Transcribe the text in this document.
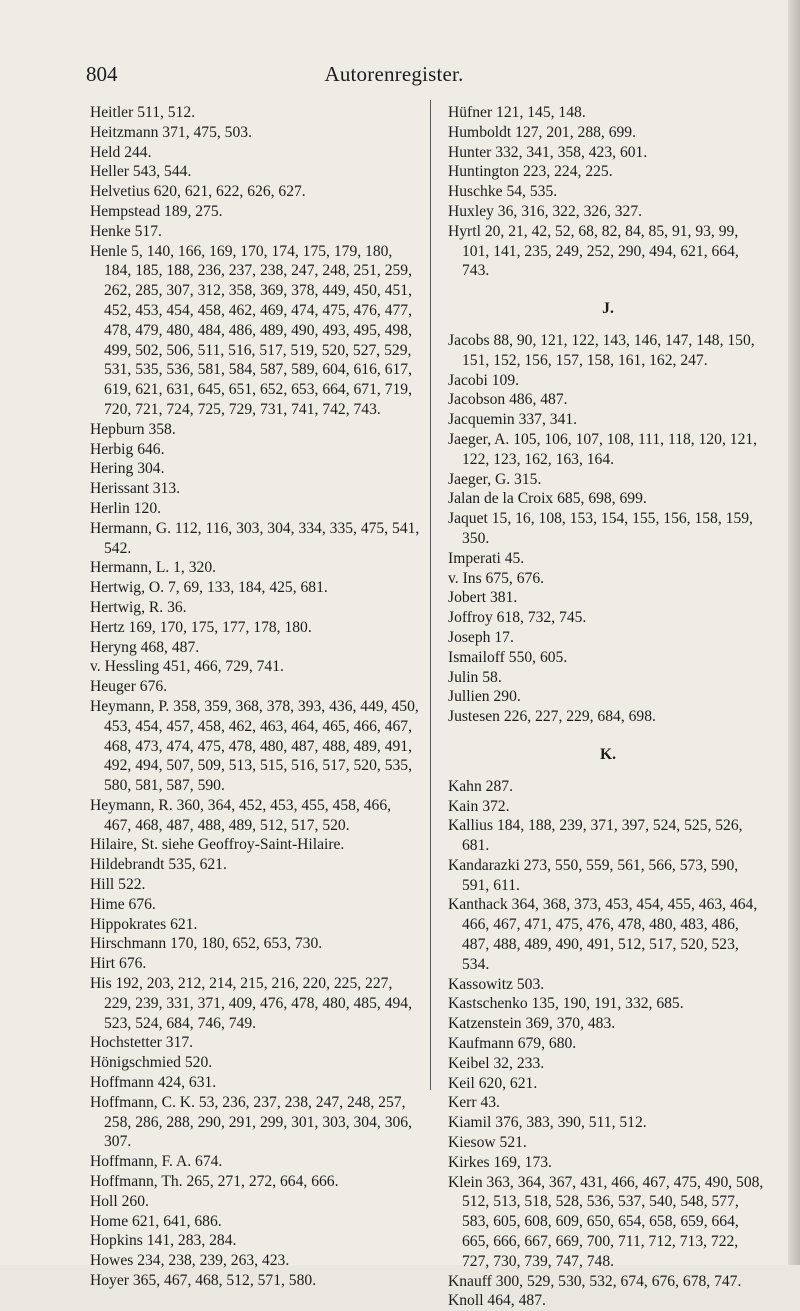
804	Autorenregister.

Heitler 511, 512.

Heitzmann 371, 475, 503.

Held 244.

Heller 543, 544.

Helvetius 620, 621, 622, 626, 627.

Hempstead 189, 275.

Henke 517.

Henle 5, 140, 166, 169, 170, 174, 175, 179, 180, 184, 185, 188, 236, 237, 238, 247, 248, 251, 259, 262, 285, 307, 312, 358, 369, 378, 449, 450, 451, 452, 453, 454, 458, 462, 469, 474, 475, 476, 477, 478, 479, 480, 484, 486, 489, 490, 493, 495, 498, 499, 502, 506, 511, 516, 517, 519, 520, 527, 529, 531, 535, 536, 581, 584, 587, 589, 604, 616, 617, 619, 621, 631, 645, 651, 652, 653, 664, 671, 719, 720, 721, 724, 725, 729, 731, 741, 742, 743.

Hepburn 358.

Herbig 646.

Hering 304.

Herissant 313.

Herlin 120.

Hermann, G. 112, 116, 303, 304, 334, 335, 475, 541, 542.

Hermann, L. 1, 320.

Hertwig, O. 7, 69, 133, 184, 425, 681.

Hertwig, R. 36.

Hertz 169, 170, 175, 177, 178, 180.

Heryng 468, 487.

v. Hessling 451, 466, 729, 741.

Heuger 676.

Heymann, P. 358, 359, 368, 378, 393, 436, 449, 450, 453, 454, 457, 458, 462, 463, 464, 465, 466, 467, 468, 473, 474, 475, 478, 480, 487, 488, 489, 491, 492, 494, 507, 509, 513, 515, 516, 517, 520, 535, 580, 581, 587, 590.

Heymann, R. 360, 364, 452, 453, 455, 458, 466, 467, 468, 487, 488, 489, 512, 517, 520.

Hilaire, St. siehe Geoffroy-Saint-Hilaire.

Hildebrandt 535, 621.

Hill 522.

Hime 676.

Hippokrates 621.

Hirschmann 170, 180, 652, 653, 730.

Hirt 676.

His 192, 203, 212, 214, 215, 216, 220, 225, 227, 229, 239, 331, 371, 409, 476, 478, 480, 485, 494, 523, 524, 684, 746, 749.

Hochstetter 317.

Hönigschmied 520.

Hoffmann 424, 631.

Hoffmann, C. K. 53, 236, 237, 238, 247, 248, 257, 258, 286, 288, 290, 291, 299, 301, 303, 304, 306, 307.

Hoffmann, F. A. 674.

Hoffmann, Th. 265, 271, 272, 664, 666.

Holl 260.

Home 621, 641, 686.

Hopkins 141, 283, 284.

Howes 234, 238, 239, 263, 423.

Hoyer 365, 467, 468, 512, 571, 580.

Hüfner 121, 145, 148.

Humboldt 127, 201, 288, 699.

Hunter 332, 341, 358, 423, 601.

Huntington 223, 224, 225.

Huschke 54, 535.

Huxley 36, 316, 322, 326, 327.

Hyrtl 20, 21, 42, 52, 68, 82, 84, 85, 91, 93, 99, 101, 141, 235, 249, 252, 290, 494, 621, 664, 743.

J.

Jacobs 88, 90, 121, 122, 143, 146, 147, 148, 150, 151, 152, 156, 157, 158, 161, 162, 247.

Jacobi 109.

Jacobson 486, 487.

Jacquemin 337, 341.

Jaeger, A. 105, 106, 107, 108, 111, 118, 120, 121, 122, 123, 162, 163, 164.

Jaeger, G. 315.

Jalan de la Croix 685, 698, 699.

Jaquet 15, 16, 108, 153, 154, 155, 156, 158, 159, 350.

Imperati 45.

v. Ins 675, 676.

Jobert 381.

Joffroy 618, 732, 745.

Joseph 17.

Ismailoff 550, 605.

Julin 58.

Jullien 290.

Justesen 226, 227, 229, 684, 698.

K.

Kahn 287.

Kain 372.

Kallius 184, 188, 239, 371, 397, 524, 525, 526, 681.

Kandarazki 273, 550, 559, 561, 566, 573, 590, 591, 611.

Kanthack 364, 368, 373, 453, 454, 455, 463, 464, 466, 467, 471, 475, 476, 478, 480, 483, 486, 487, 488, 489, 490, 491, 512, 517, 520, 523, 534.

Kassowitz 503.

Kastschenko 135, 190, 191, 332, 685.

Katzenstein 369, 370, 483.

Kaufmann 679, 680.

Keibel 32, 233.

Keil 620, 621.

Kerr 43.

Kiamil 376, 383, 390, 511, 512.

Kiesow 521.

Kirkes 169, 173.

Klein 363, 364, 367, 431, 466, 467, 475, 490, 508, 512, 513, 518, 528, 536, 537, 540, 548, 577, 583, 605, 608, 609, 650, 654, 658, 659, 664, 665, 666, 667, 669, 700, 711, 712, 713, 722, 727, 730, 739, 747, 748.

Knauff 300, 529, 530, 532, 674, 676, 678, 747.

Knoll 464, 487.
